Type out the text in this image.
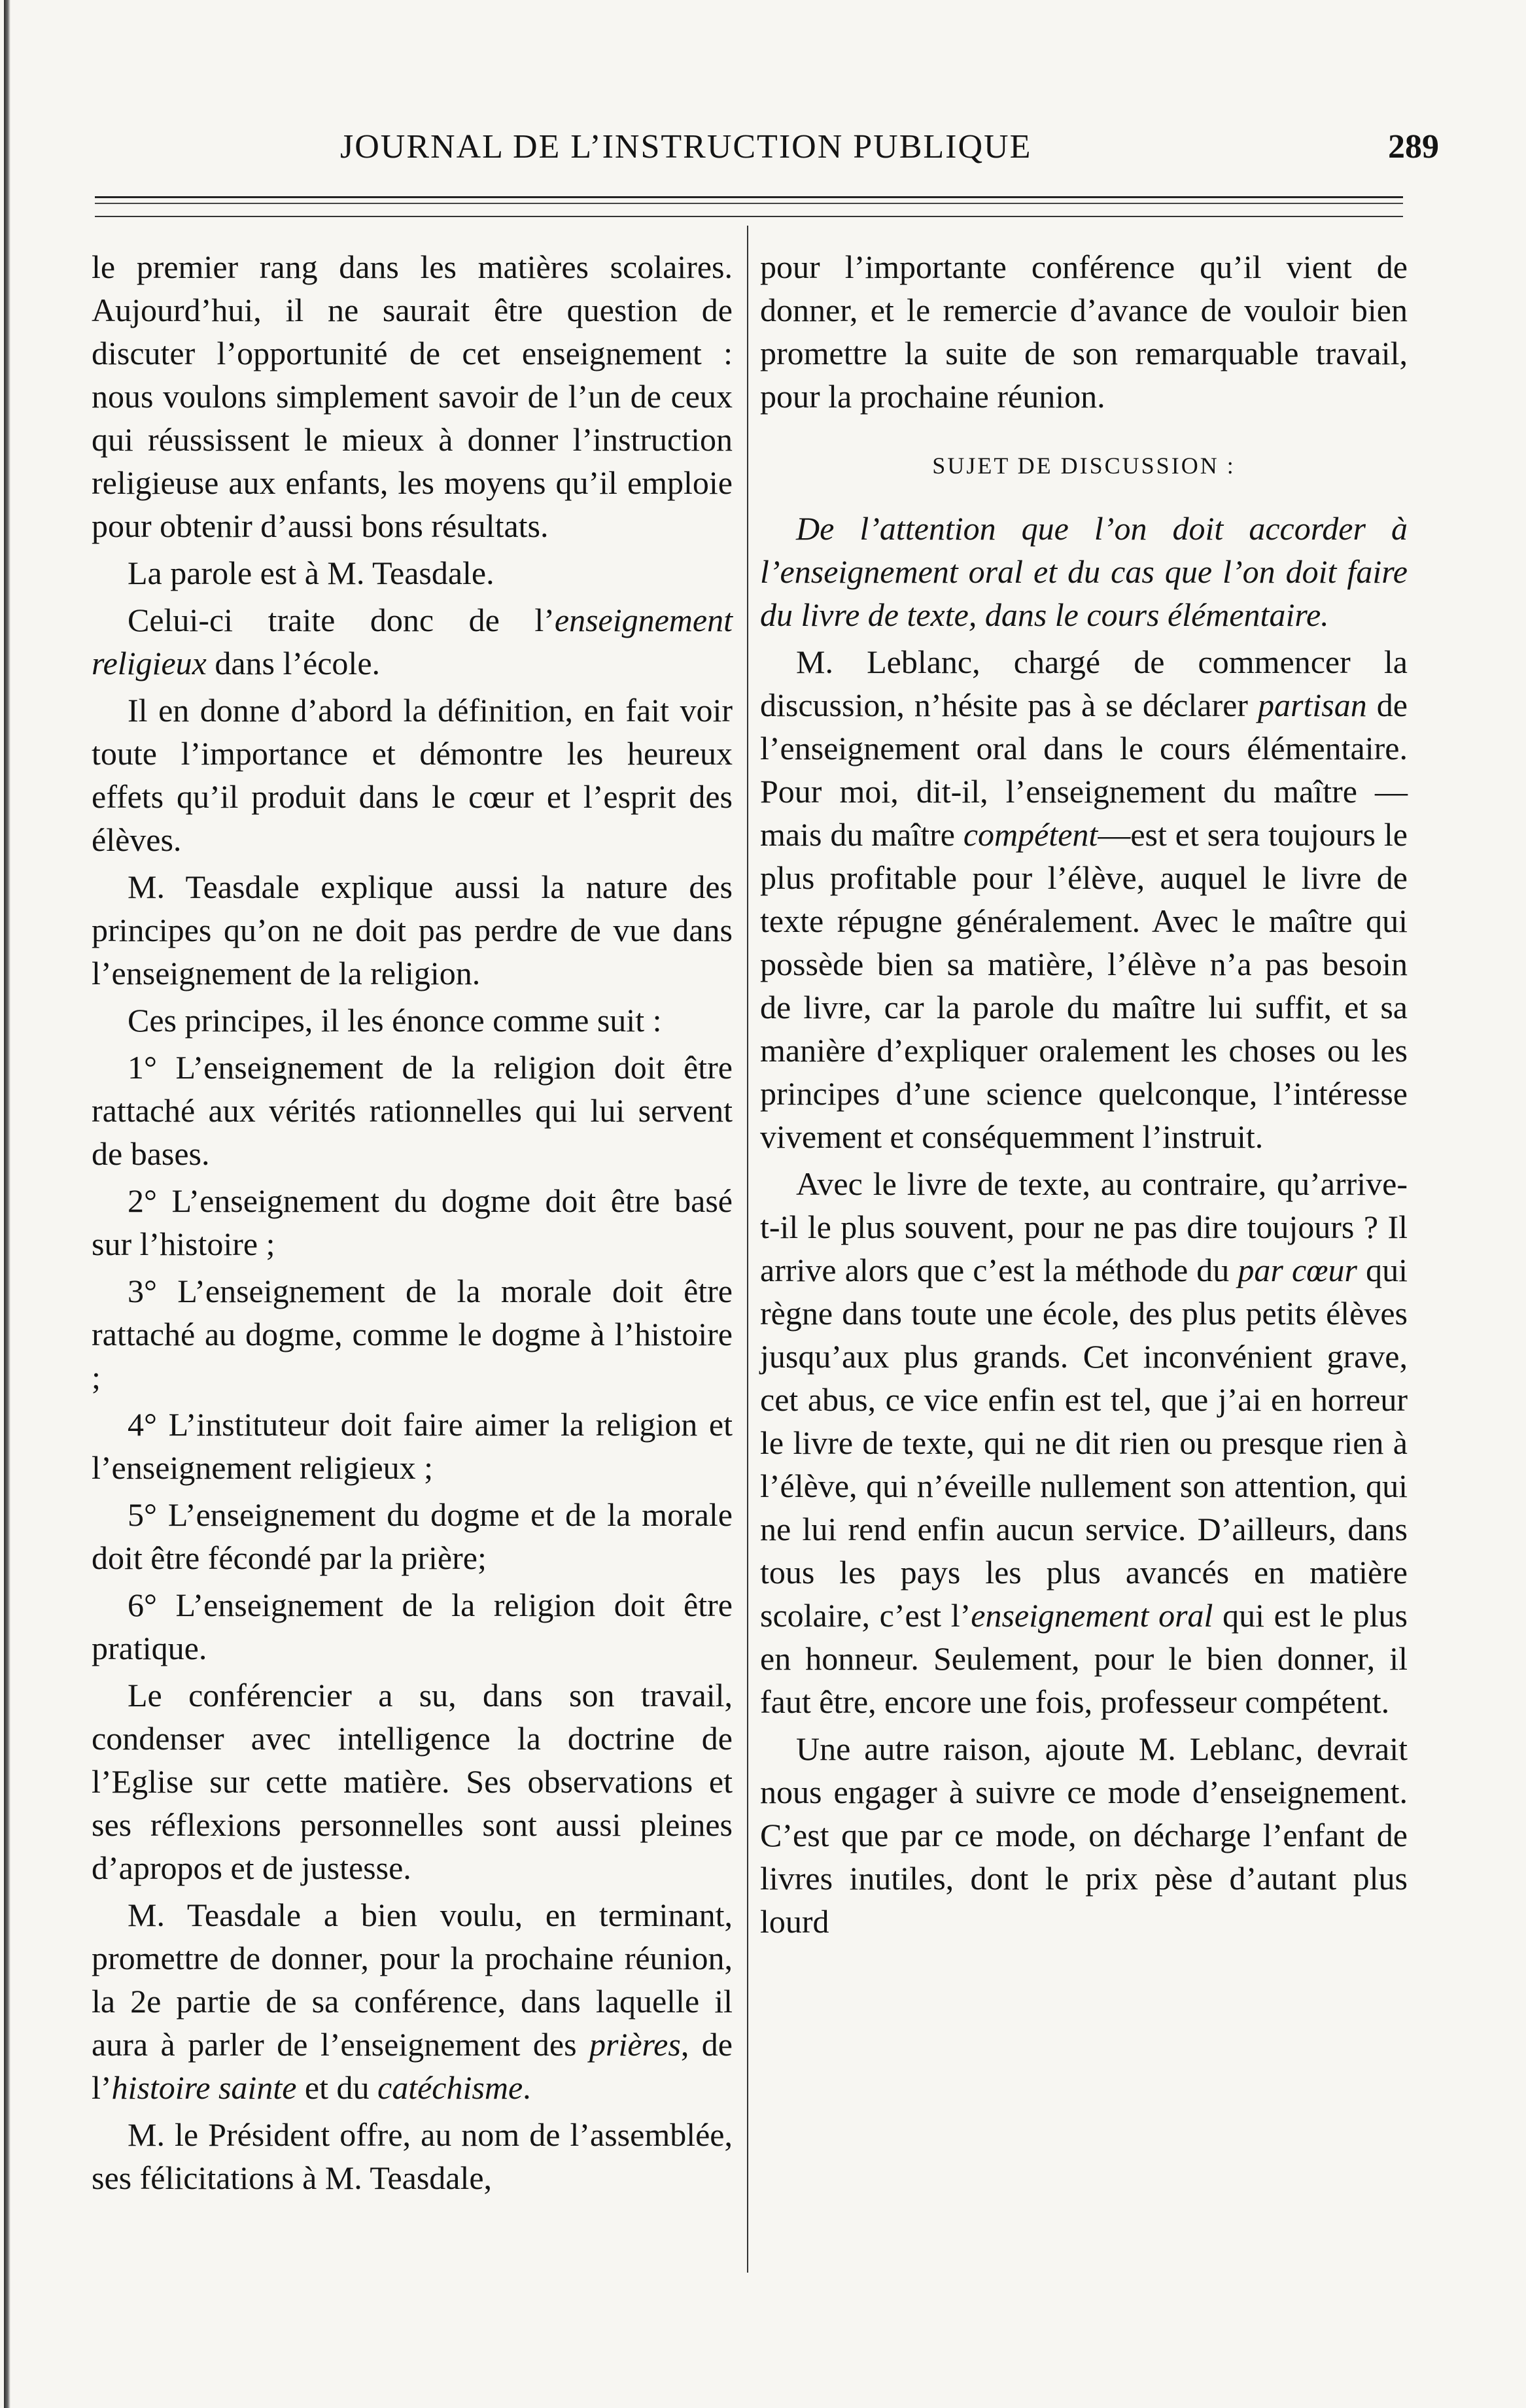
JOURNAL DE L’INSTRUCTION PUBLIQUE	289

le premier rang dans les matières scolaires. Aujourd’hui, il ne saurait être question de discuter l’opportunité de cet enseignement : nous voulons simplement savoir de l’un de ceux qui réussissent le mieux à donner l’instruction religieuse aux enfants, les moyens qu’il emploie pour obtenir d’aussi bons résultats.

La parole est à M. Teasdale.

Celui-ci traite donc de l’enseignement religieux dans l’école.

Il en donne d’abord la définition, en fait voir toute l’importance et démontre les heureux effets qu’il produit dans le cœur et l’esprit des élèves.

M. Teasdale explique aussi la nature des principes qu’on ne doit pas perdre de vue dans l’enseignement de la religion.

Ces principes, il les énonce comme suit :

1° L’enseignement de la religion doit être rattaché aux vérités rationnelles qui lui servent de bases.

2° L’enseignement du dogme doit être basé sur l’histoire ;

3° L’enseignement de la morale doit être rattaché au dogme, comme le dogme à l’histoire ;

4° L’instituteur doit faire aimer la religion et l’enseignement religieux ;

5° L’enseignement du dogme et de la morale doit être fécondé par la prière;

6° L’enseignement de la religion doit être pratique.

Le conférencier a su, dans son travail, condenser avec intelligence la doctrine de l’Eglise sur cette matière. Ses observations et ses réflexions personnelles sont aussi pleines d’apropos et de justesse.

M. Teasdale a bien voulu, en terminant, promettre de donner, pour la prochaine réunion, la 2e partie de sa conférence, dans laquelle il aura à parler de l’enseignement des prières, de l’histoire sainte et du catéchisme.

M. le Président offre, au nom de l’assemblée, ses félicitations à M. Teasdale,

pour l’importante conférence qu’il vient de donner, et le remercie d’avance de vouloir bien promettre la suite de son remarquable travail, pour la prochaine réunion.

SUJET DE DISCUSSION :

De l’attention que l’on doit accorder à l’enseignement oral et du cas que l’on doit faire du livre de texte, dans le cours élémentaire.

M. Leblanc, chargé de commencer la discussion, n’hésite pas à se déclarer partisan de l’enseignement oral dans le cours élémentaire. Pour moi, dit-il, l’enseignement du maître — mais du maître compétent—est et sera toujours le plus profitable pour l’élève, auquel le livre de texte répugne généralement. Avec le maître qui possède bien sa matière, l’élève n’a pas besoin de livre, car la parole du maître lui suffit, et sa manière d’expliquer oralement les choses ou les principes d’une science quelconque, l’intéresse vivement et conséquemment l’instruit.

Avec le livre de texte, au contraire, qu’arrive-t-il le plus souvent, pour ne pas dire toujours ? Il arrive alors que c’est la méthode du par cœur qui règne dans toute une école, des plus petits élèves jusqu’aux plus grands. Cet inconvénient grave, cet abus, ce vice enfin est tel, que j’ai en horreur le livre de texte, qui ne dit rien ou presque rien à l’élève, qui n’éveille nullement son attention, qui ne lui rend enfin aucun service. D’ailleurs, dans tous les pays les plus avancés en matière scolaire, c’est l’enseignement oral qui est le plus en honneur. Seulement, pour le bien donner, il faut être, encore une fois, professeur compétent.

Une autre raison, ajoute M. Leblanc, devrait nous engager à suivre ce mode d’enseignement. C’est que par ce mode, on décharge l’enfant de livres inutiles, dont le prix pèse d’autant plus lourd
